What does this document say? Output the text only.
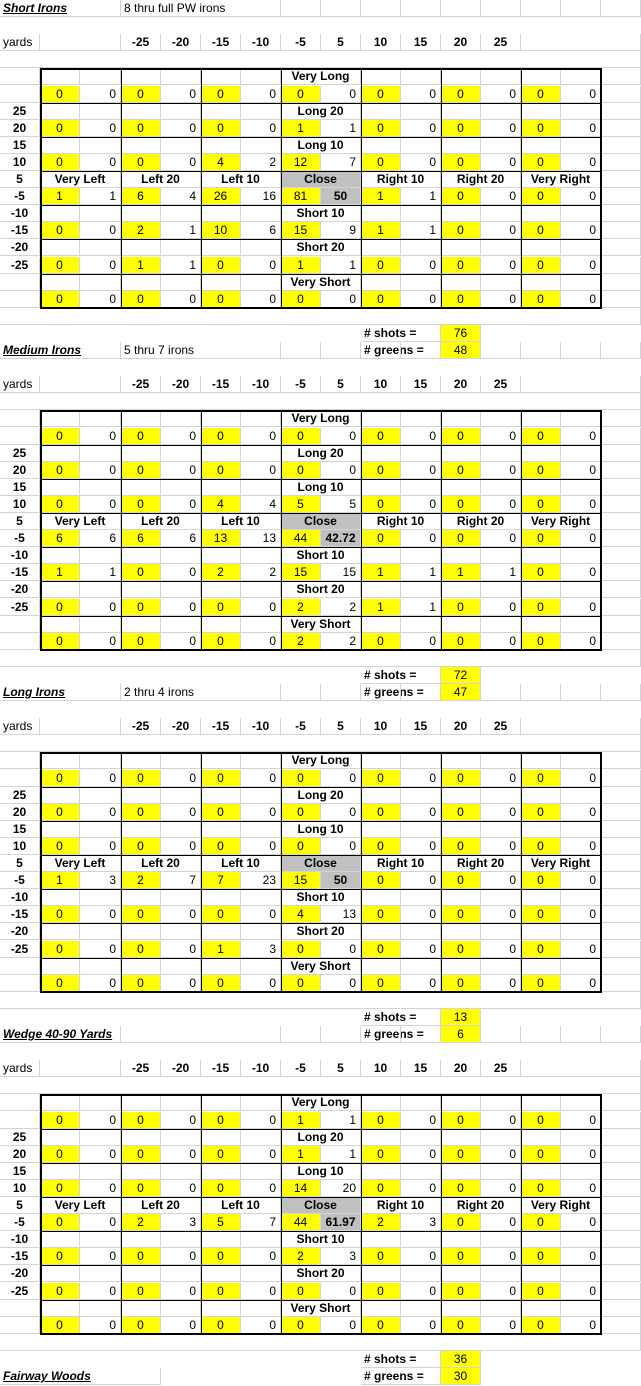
Short Irons	8 thru full PW irons
yards	-25	-20	-15	-10	-5	5	10	15	20	25
Very Long
0	0	0	0	0	0	0	0	0	0	0	0	0	0
Long 20
25
20	0	0	0	0	0	0	1	1	0	0	0	0	0	0
Long 10
15
10	0	0	0	0	4	2	12	7	0	0	0	0	0	0
Very Left	Left 20	Left 10	Close	Right 10	Right 20	Very Right
5
-5	1	1	6	4	26	16	81	50	1	1	0	0	0	0
Short 10
-10
-15	0	0	2	1	10	6	15	9	1	1	0	0	0	0
Short 20
-20
-25	0	0	1	1	0	0	1	1	0	0	0	0	0	0
Very Short
0	0	0	0	0	0	0	0	0	0	0	0	0	0
# shots =	76
# greens =	48
Medium Irons	5 thru 7 irons
yards	-25	-20	-15	-10	-5	5	10	15	20	25
Very Long
0	0	0	0	0	0	0	0	0	0	0	0	0	0
Long 20
25
20	0	0	0	0	0	0	0	0	0	0	0	0	0	0
Long 10
15
10	0	0	0	0	4	4	5	5	0	0	0	0	0	0
Very Left	Left 20	Left 10	Close	Right 10	Right 20	Very Right
5
-5	6	6	6	6	13	13	44	42.72	0	0	0	0	0	0
Short 10
-10
-15	1	1	0	0	2	2	15	15	1	1	1	1	0	0
Short 20
-20
-25	0	0	0	0	0	0	2	2	1	1	0	0	0	0
Very Short
0	0	0	0	0	0	2	2	0	0	0	0	0	0
# shots =	72
# greens =	47
Long Irons	2 thru 4 irons
yards	-25	-20	-15	-10	-5	5	10	15	20	25
Very Long
0	0	0	0	0	0	0	0	0	0	0	0	0	0
Long 20
25
20	0	0	0	0	0	0	0	0	0	0	0	0	0	0
Long 10
15
10	0	0	0	0	0	0	0	0	0	0	0	0	0	0
Very Left	Left 20	Left 10	Close	Right 10	Right 20	Very Right
5
-5	1	3	2	7	7	23	15	50	0	0	0	0	0	0
Short 10
-10
-15	0	0	0	0	0	0	4	13	0	0	0	0	0	0
Short 20
-20
-25	0	0	0	0	1	3	0	0	0	0	0	0	0	0
Very Short
0	0	0	0	0	0	0	0	0	0	0	0	0	0
# shots =	13
# greens =	6
Wedge 40-90 Yards
yards	-25	-20	-15	-10	-5	5	10	15	20	25
Very Long
0	0	0	0	0	0	1	1	0	0	0	0	0	0
Long 20
25
20	0	0	0	0	0	0	1	1	0	0	0	0	0	0
Long 10
15
10	0	0	0	0	0	0	14	20	0	0	0	0	0	0
Very Left	Left 20	Left 10	Close	Right 10	Right 20	Very Right
5
-5	0	0	2	3	5	7	44	61.97	2	3	0	0	0	0
Short 10
-10
-15	0	0	0	0	0	0	2	3	0	0	0	0	0	0
Short 20
-20
-25	0	0	0	0	0	0	0	0	0	0	0	0	0	0
Very Short
0	0	0	0	0	0	0	0	0	0	0	0	0	0
# shots =	36
# greens =	30
Fairway Woods
